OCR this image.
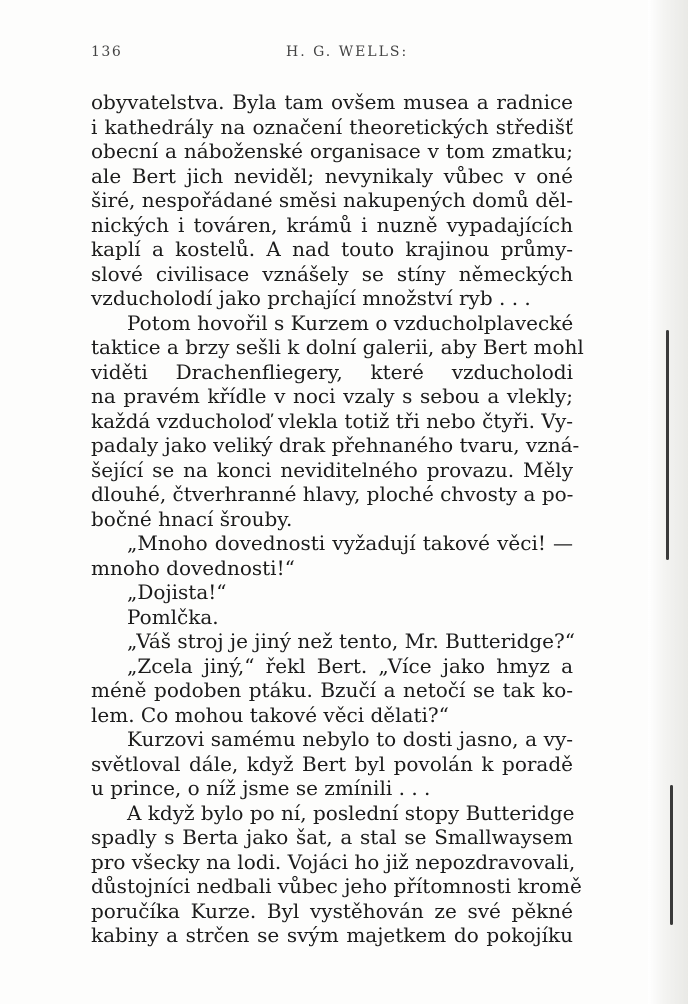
136	H. G. WELLS:
obyvatelstva. Byla tam ovšem musea a radnice
i kathedrály na označení theoretických středišť
obecní a náboženské organisace v tom zmatku;
ale Bert jich neviděl; nevynikaly vůbec v oné
širé, nespořádané směsi nakupených domů děl-
nických i továren, krámů i nuzně vypadajících
kaplí a kostelů. A nad touto krajinou průmy-
slové civilisace vznášely se stíny německých
vzducholodí jako prchající množství ryb . . .
Potom hovořil s Kurzem o vzducholplavecké
taktice a brzy sešli k dolní galerii, aby Bert mohl
viděti Drachenfliegery, které vzducholodi
na pravém křídle v noci vzaly s sebou a vlekly;
každá vzducholoď vlekla totiž tři nebo čtyři. Vy-
padaly jako veliký drak přehnaného tvaru, vzná-
šející se na konci neviditelného provazu. Měly
dlouhé, čtverhranné hlavy, ploché chvosty a po-
bočné hnací šrouby.
„Mnoho dovednosti vyžadují takové věci! —
mnoho dovednosti!“
„Dojista!“
Pomlčka.
„Váš stroj je jiný než tento, Mr. Butteridge?“
„Zcela jiný,“ řekl Bert. „Více jako hmyz a
méně podoben ptáku. Bzučí a netočí se tak ko-
lem. Co mohou takové věci dělati?“
Kurzovi samému nebylo to dosti jasno, a vy-
světloval dále, když Bert byl povolán k poradě
u prince, o níž jsme se zmínili . . .
A když bylo po ní, poslední stopy Butteridge
spadly s Berta jako šat, a stal se Smallwaysem
pro všecky na lodi. Vojáci ho již nepozdravovali,
důstojníci nedbali vůbec jeho přítomnosti kromě
poručíka Kurze. Byl vystěhován ze své pěkné
kabiny a strčen se svým majetkem do pokojíku
